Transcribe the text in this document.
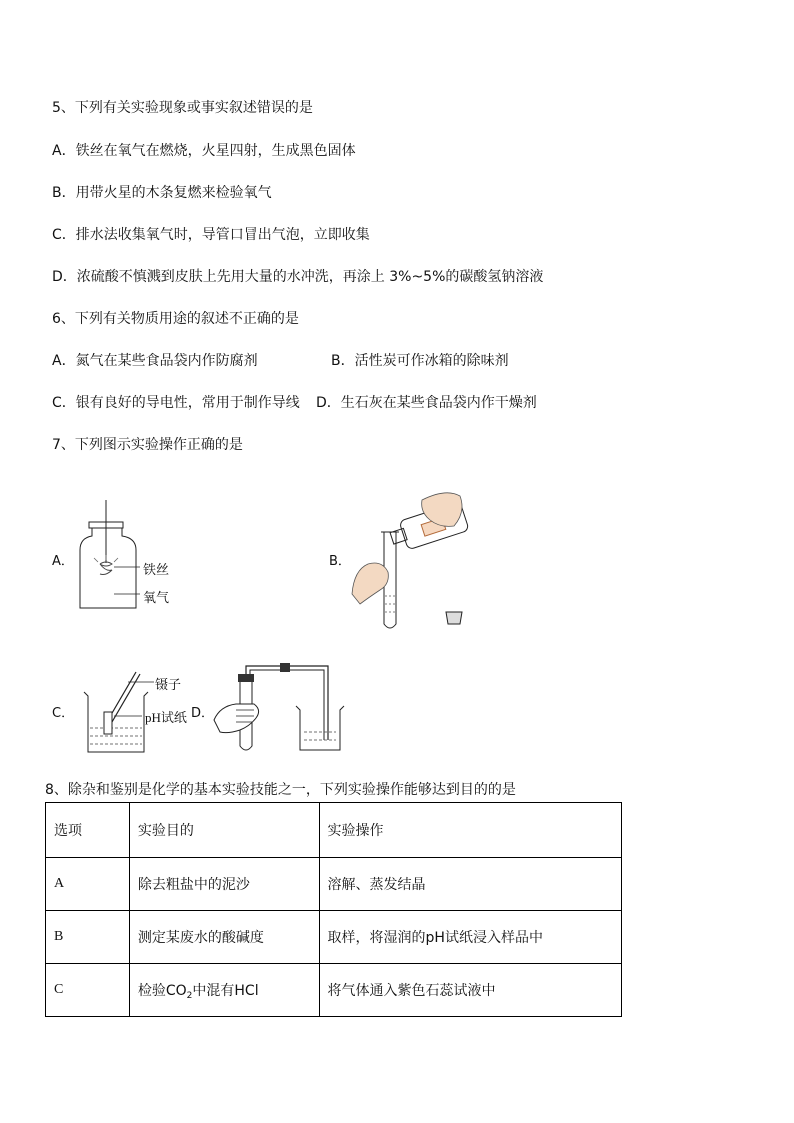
5、下列有关实验现象或事实叙述错误的是
A．铁丝在氧气在燃烧，火星四射，生成黑色固体
B．用带火星的木条复燃来检验氧气
C．排水法收集氧气时，导管口冒出气泡，立即收集
D．浓硫酸不慎溅到皮肤上先用大量的水冲洗，再涂上 3%~5%的碳酸氢钠溶液
6、下列有关物质用途的叙述不正确的是
A．氮气在某些食品袋内作防腐剂	B．活性炭可作冰箱的除味剂
C．银有良好的导电性，常用于制作导线 D．生石灰在某些食品袋内作干燥剂
7、下列图示实验操作正确的是
A．
铁丝
氧气
B．
C．
镊子
pH试纸 D．
8、除杂和鉴别是化学的基本实验技能之一，下列实验操作能够达到目的的是
选项	实验目的	实验操作
A	除去粗盐中的泥沙	溶解、蒸发结晶
B	测定某废水的酸碱度	取样，将湿润的pH试纸浸入样品中
C	检验$CO_2$中混有HCl	将气体通入紫色石蕊试液中
